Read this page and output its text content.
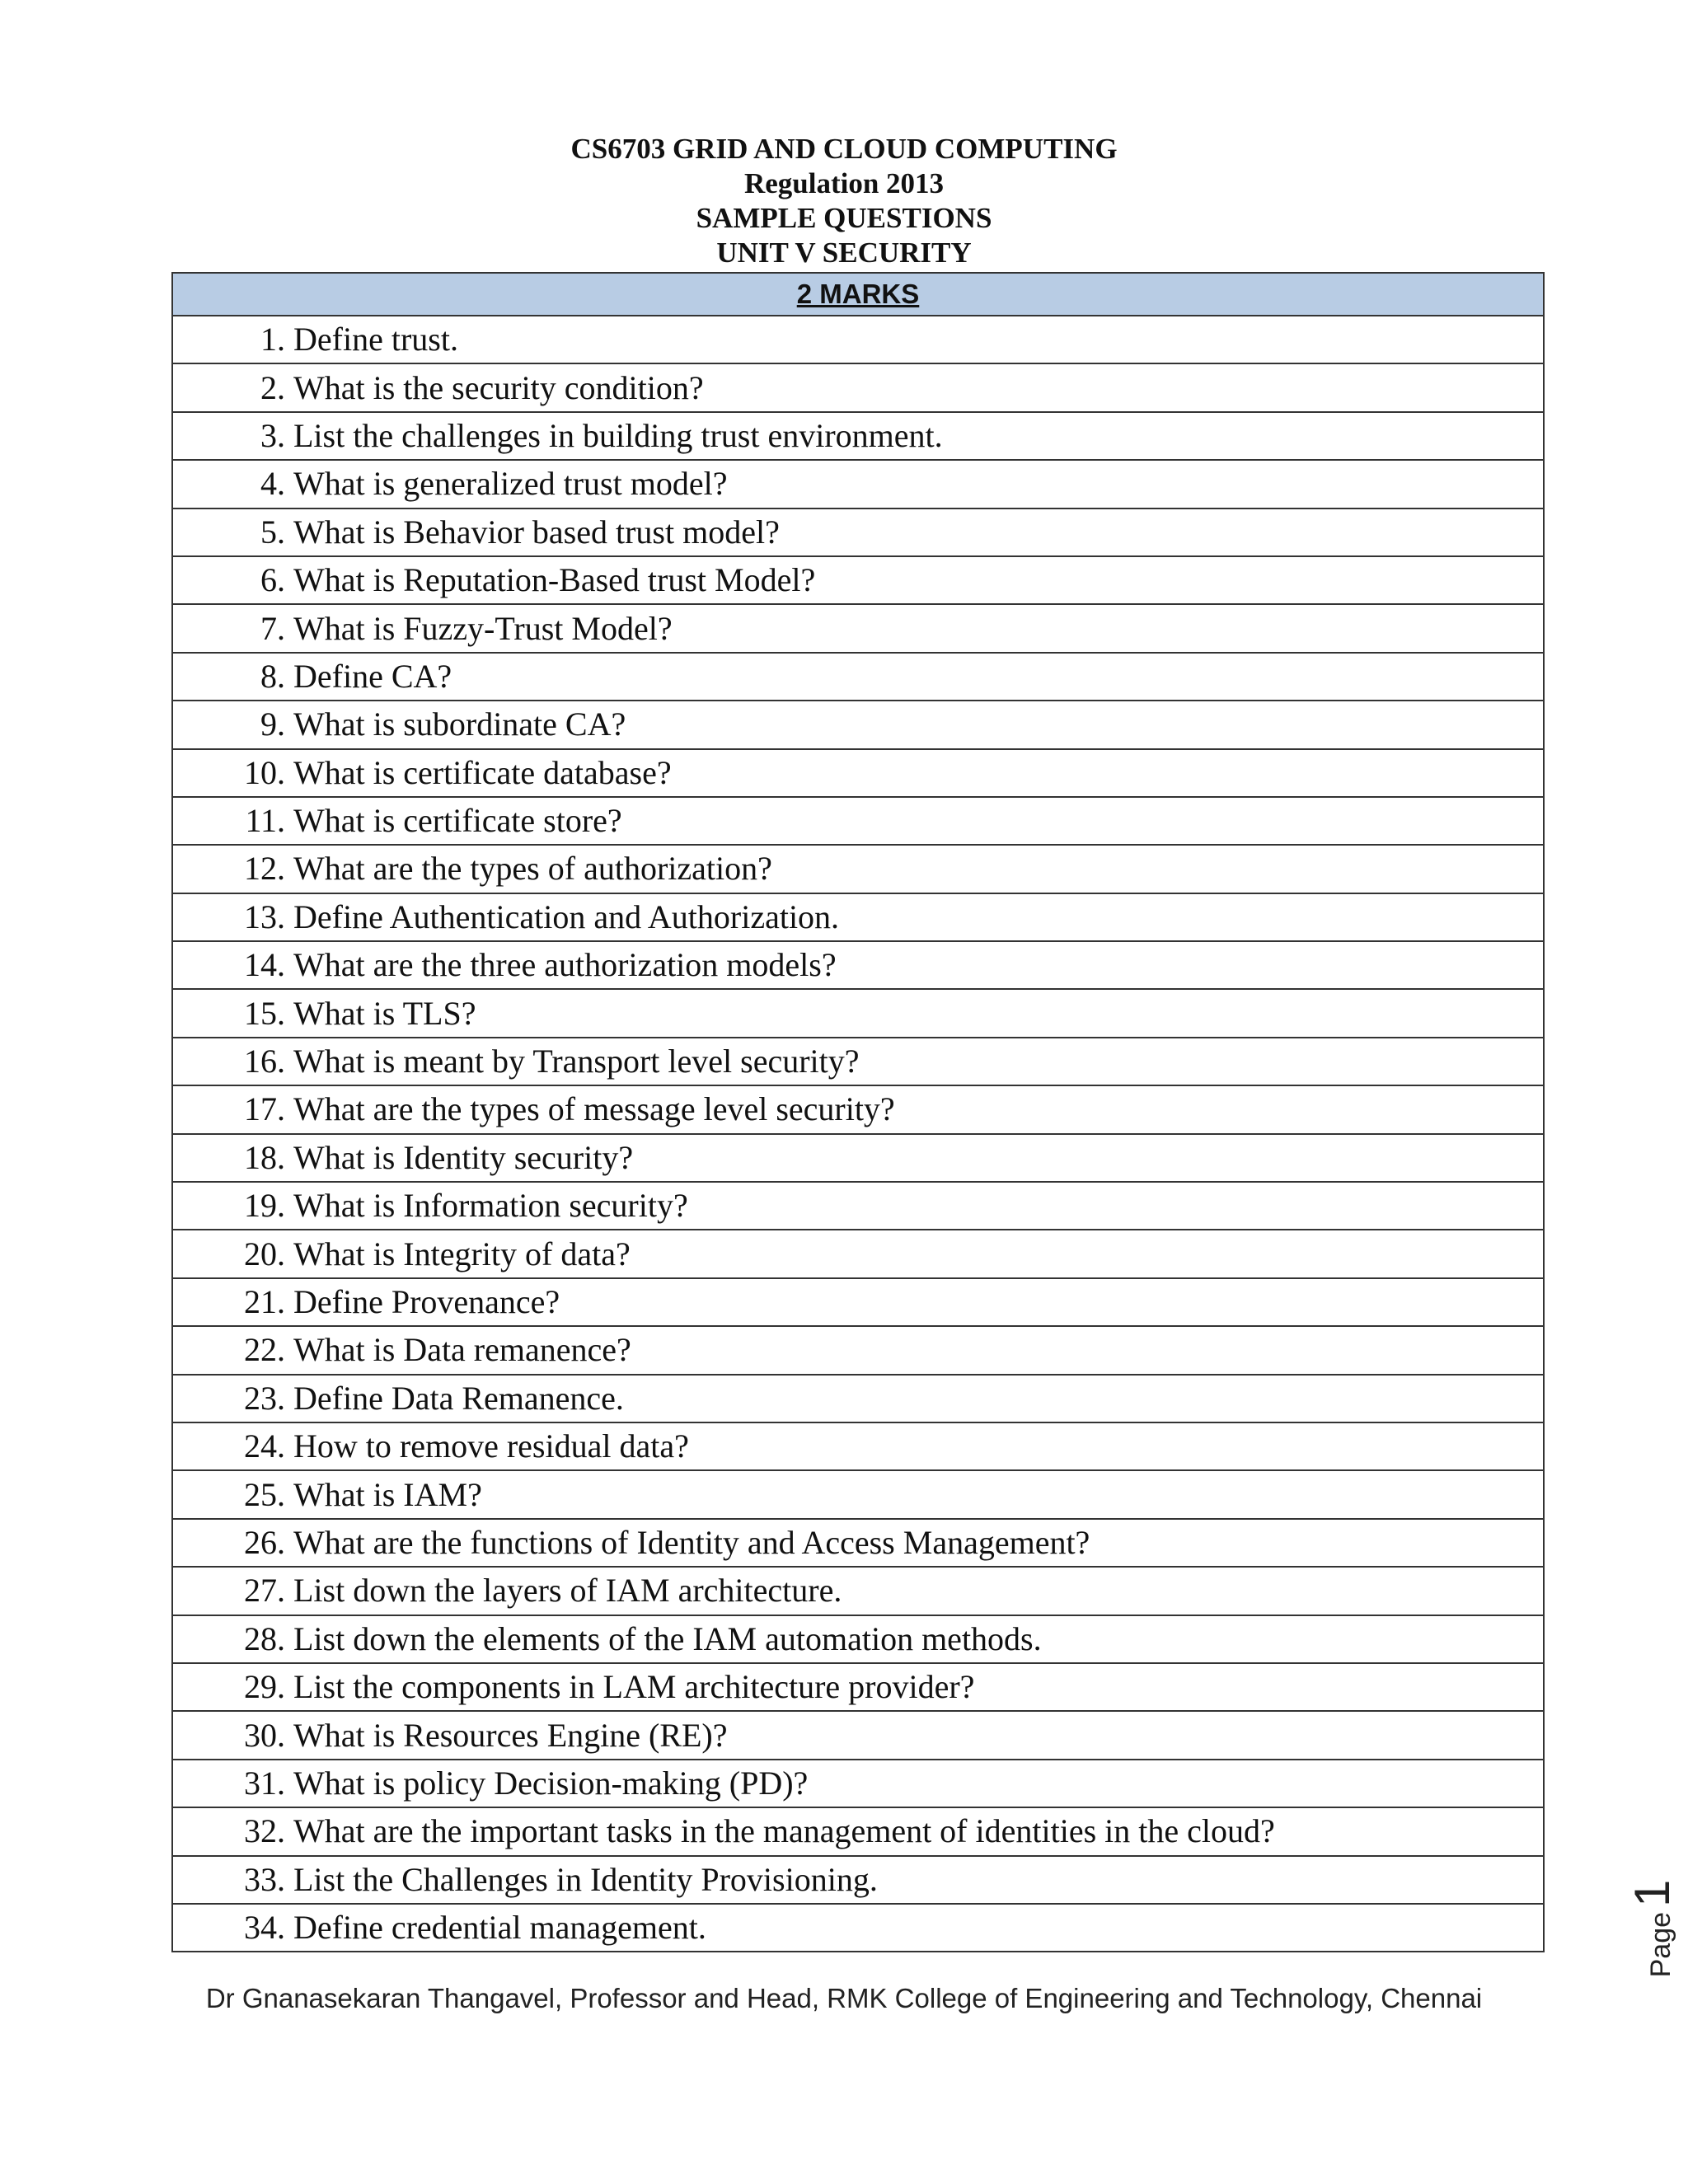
CS6703 GRID AND CLOUD COMPUTING
Regulation 2013
SAMPLE QUESTIONS
UNIT V SECURITY
2 MARKS
1. Define trust.
2. What is the security condition?
3. List the challenges in building trust environment.
4. What is generalized trust model?
5. What is Behavior based trust model?
6. What is Reputation-Based trust Model?
7. What is Fuzzy-Trust Model?
8. Define CA?
9. What is subordinate CA?
10. What is certificate database?
11. What is certificate store?
12. What are the types of authorization?
13. Define Authentication and Authorization.
14. What are the three authorization models?
15. What is TLS?
16. What is meant by Transport level security?
17. What are the types of message level security?
18. What is Identity security?
19. What is Information security?
20. What is Integrity of data?
21. Define Provenance?
22. What is Data remanence?
23. Define Data Remanence.
24. How to remove residual data?
25. What is IAM?
26. What are the functions of Identity and Access Management?
27. List down the layers of IAM architecture.
28. List down the elements of the IAM automation methods.
29. List the components in LAM architecture provider?
30. What is Resources Engine (RE)?
31. What is policy Decision-making (PD)?
32. What are the important tasks in the management of identities in the cloud?
33. List the Challenges in Identity Provisioning.
34. Define credential management.
Dr Gnanasekaran Thangavel, Professor and Head, RMK College of Engineering and Technology, Chennai
Page
1
